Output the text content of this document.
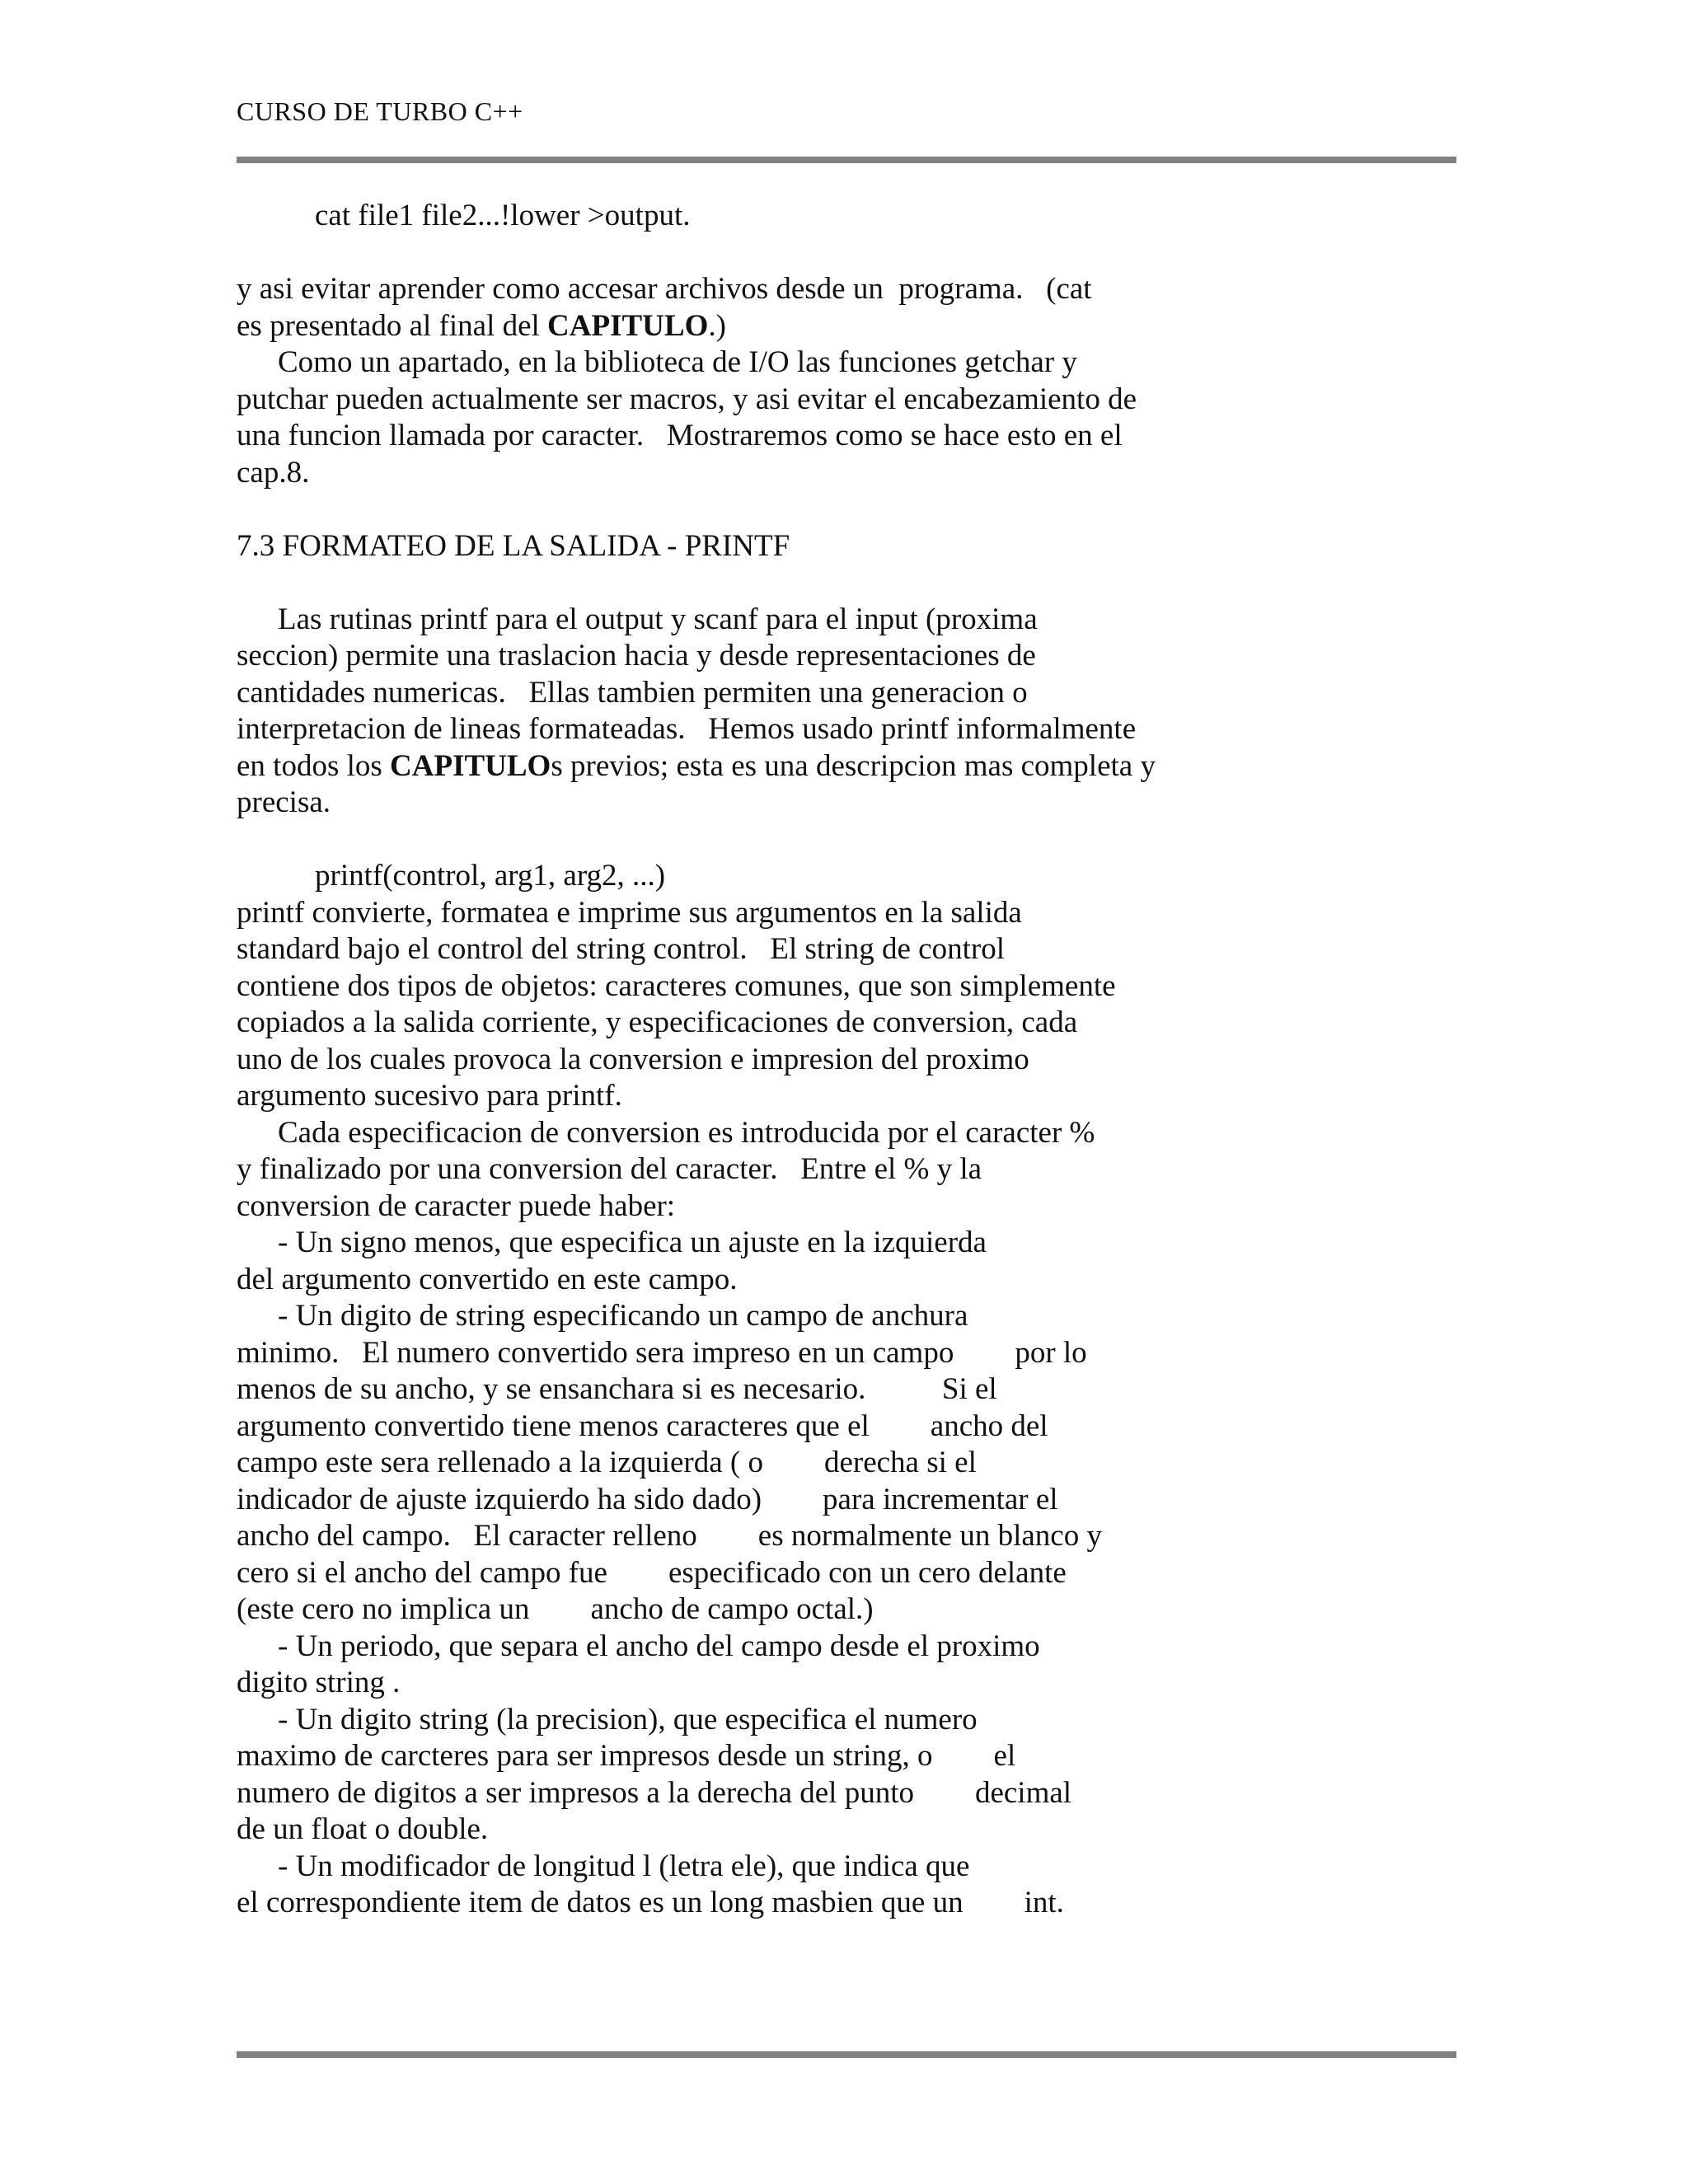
CURSO DE TURBO C++
cat file1 file2...!lower >output.
y asi evitar aprender como accesar archivos desde un  programa.   (cat
es presentado al final del CAPITULO.)
Como un apartado, en la biblioteca de I/O las funciones getchar y
putchar pueden actualmente ser macros, y asi evitar el encabezamiento de
una funcion llamada por caracter.   Mostraremos como se hace esto en el
cap.8.
7.3 FORMATEO DE LA SALIDA - PRINTF
Las rutinas printf para el output y scanf para el input (proxima
seccion) permite una traslacion hacia y desde representaciones de
cantidades numericas.   Ellas tambien permiten una generacion o
interpretacion de lineas formateadas.   Hemos usado printf informalmente
en todos los CAPITULOs previos; esta es una descripcion mas completa y
precisa.
printf(control, arg1, arg2, ...)
printf convierte, formatea e imprime sus argumentos en la salida
standard bajo el control del string control.   El string de control
contiene dos tipos de objetos: caracteres comunes, que son simplemente
copiados a la salida corriente, y especificaciones de conversion, cada
uno de los cuales provoca la conversion e impresion del proximo
argumento sucesivo para printf.
Cada especificacion de conversion es introducida por el caracter %
y finalizado por una conversion del caracter.   Entre el % y la
conversion de caracter puede haber:
- Un signo menos, que especifica un ajuste en la izquierda
del argumento convertido en este campo.
- Un digito de string especificando un campo de anchura
minimo.   El numero convertido sera impreso en un campo        por lo
menos de su ancho, y se ensanchara si es necesario.          Si el
argumento convertido tiene menos caracteres que el        ancho del
campo este sera rellenado a la izquierda ( o        derecha si el
indicador de ajuste izquierdo ha sido dado)        para incrementar el
ancho del campo.   El caracter relleno        es normalmente un blanco y
cero si el ancho del campo fue        especificado con un cero delante
(este cero no implica un        ancho de campo octal.)
- Un periodo, que separa el ancho del campo desde el proximo
digito string .
- Un digito string (la precision), que especifica el numero
maximo de carcteres para ser impresos desde un string, o        el
numero de digitos a ser impresos a la derecha del punto        decimal
de un float o double.
- Un modificador de longitud l (letra ele), que indica que
el correspondiente item de datos es un long masbien que un        int.
